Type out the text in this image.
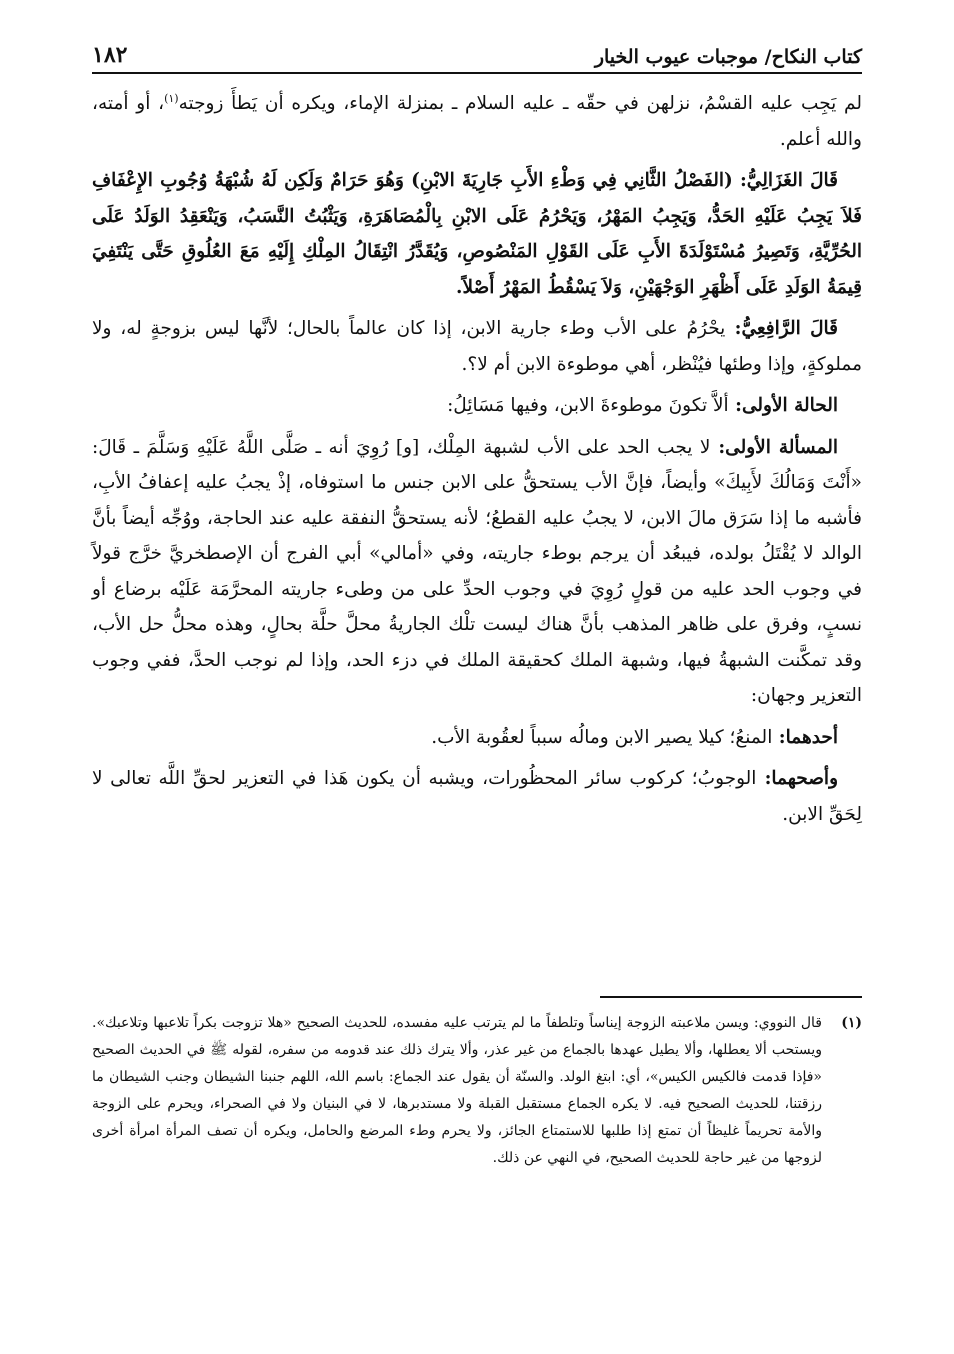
كتاب النكاح/ موجبات عيوب الخيار
١٨٢

لم يَجِب عليه القسْمُ، نزلهن في حقّه ـ عليه السلام ـ بمنزلة الإماء، ويكره أن يَطأَ زوجته$^{(١)}$، أو أمته، والله أعلم.

قَالَ الغَزَالِيُّ: (الفَصْلُ الثَّانِي فِي وَطْءِ الأَبِ جَارِيَةَ الابْنِ) وَهُوَ حَرَامٌ وَلَكِن لَهُ شُبْهَةُ وُجُوبِ الإِعْفَافِ فَلاَ يَجِبُ عَلَيْهِ الحَدُّ، وَيَجِبُ المَهْرُ، وَيَحْرُمُ عَلَى الابْنِ بِالْمُصَاهَرَةِ، وَيَثْبُتُ النَّسَبُ، وَيَنْعَقِدُ الوَلَدُ عَلَى الحُرِّيَّةِ، وَتَصِيرُ مُسْتَوْلَدَةَ الأَبِ عَلَى القَوْلِ المَنْصُوصِ، وَيُقَدَّرُ انْتِقَالُ المِلْكِ إِلَيْهِ مَعَ العُلُوقِ حَتَّى يَنْتَفِيَ قِيمَةُ الوَلَدِ عَلَى أَظْهَرِ الوَجْهَيْنِ، وَلاَ يَسْقُطُ المَهْرُ أَصْلاً.

قَالَ الرَّافِعِيُّ: يحْرُمُ على الأب وطء جارية الابن، إذا كان عالماً بالحال؛ لأنَّها ليس بزوجةٍ له، ولا مملوكةٍ، وإذا وطئها فيُنْظر، أهي موطوءة الابن أم لا؟.

الحالة الأولى: ألاَّ تكونَ موطوءةَ الابن، وفيها مَسَائِلُ:

المسألة الأولى: لا يجب الحد على الأب لشبهة المِلْك، [و] رُوِيَ أنه ـ صَلَّى اللَّهُ عَلَيْهِ وَسَلَّمَ ـ قَالَ: «أَنْتَ وَمَالُكَ لأَبِيكَ» وأيضاً، فإنَّ الأب يستحقُّ على الابن جنس ما استوفاه، إذْ يجبُ عليه إعفافُ الأبِ، فأشبه ما إذا سَرَق مالَ الابن، لا يجبُ عليه القطعُ؛ لأنه يستحقُّ النفقة عليه عند الحاجة، ووُجِّه أيضاً بأنَّ الوالد لا يُقْتَلُ بولده، فيبعُد أن يرجم بوطء جاريته، وفي «أمالي» أبي الفرج أن الإصطخريَّ خرَّج قولاً في وجوب الحد عليه من قولٍ رُوِيَ في وجوب الحدِّ على من وطىء جاريته المحرَّمَة عَلَيْه برضاع أو نسبٍ، وفرق على ظاهر المذهب بأنَّ هناك ليست تلْك الجاريةُ محلَّ حلَّة بحالٍ، وهذه محلُّ حل الأب، وقد تمكَّنت الشبهةُ فيها، وشبهة الملك كحقيقة الملك في دزء الحد، وإذا لم نوجب الحدَّ، ففي وجوب التعزير وجهان:

أحدهما: المنعُ؛ كيلا يصير الابن ومالُه سبباً لعقُوبة الأب.

وأصحهما: الوجوبُ؛ كركوب سائر المحظُورات، ويشبه أن يكون هَذا في التعزير لحقِّ اللَّه تعالى لا لِحَقِّ الابن.

(١)
قال النووي: ويسن ملاعبته الزوجة إيناساً وتلطفاً ما لم يترتب عليه مفسده، للحديث الصحيح «هلا تزوجت بكراً تلاعبها وتلاعبك». ويستحب ألا يعطلها، وألا يطيل عهدها بالجماع من غير عذر، وألا يترك ذلك عند قدومه من سفره، لقوله ﷺ في الحديث الصحيح «فإذا قدمت فالكيس الكيس»، أي: ابتغ الولد. والسنّة أن يقول عند الجماع: باسم الله، اللهم جنبنا الشيطان وجنب الشيطان ما رزقتنا، للحديث الصحيح فيه. لا يكره الجماع مستقبل القبلة ولا مستدبرها، لا في البنيان ولا في الصحراء، ويحرم على الزوجة والأمة تحريماً غليظاً أن تمتع إذا طلبها للاستمتاع الجائز، ولا يحرم وطء المرضع والحامل، ويكره أن تصف المرأة امرأة أخرى لزوجها من غير حاجة للحديث الصحيح، في النهي عن ذلك.
